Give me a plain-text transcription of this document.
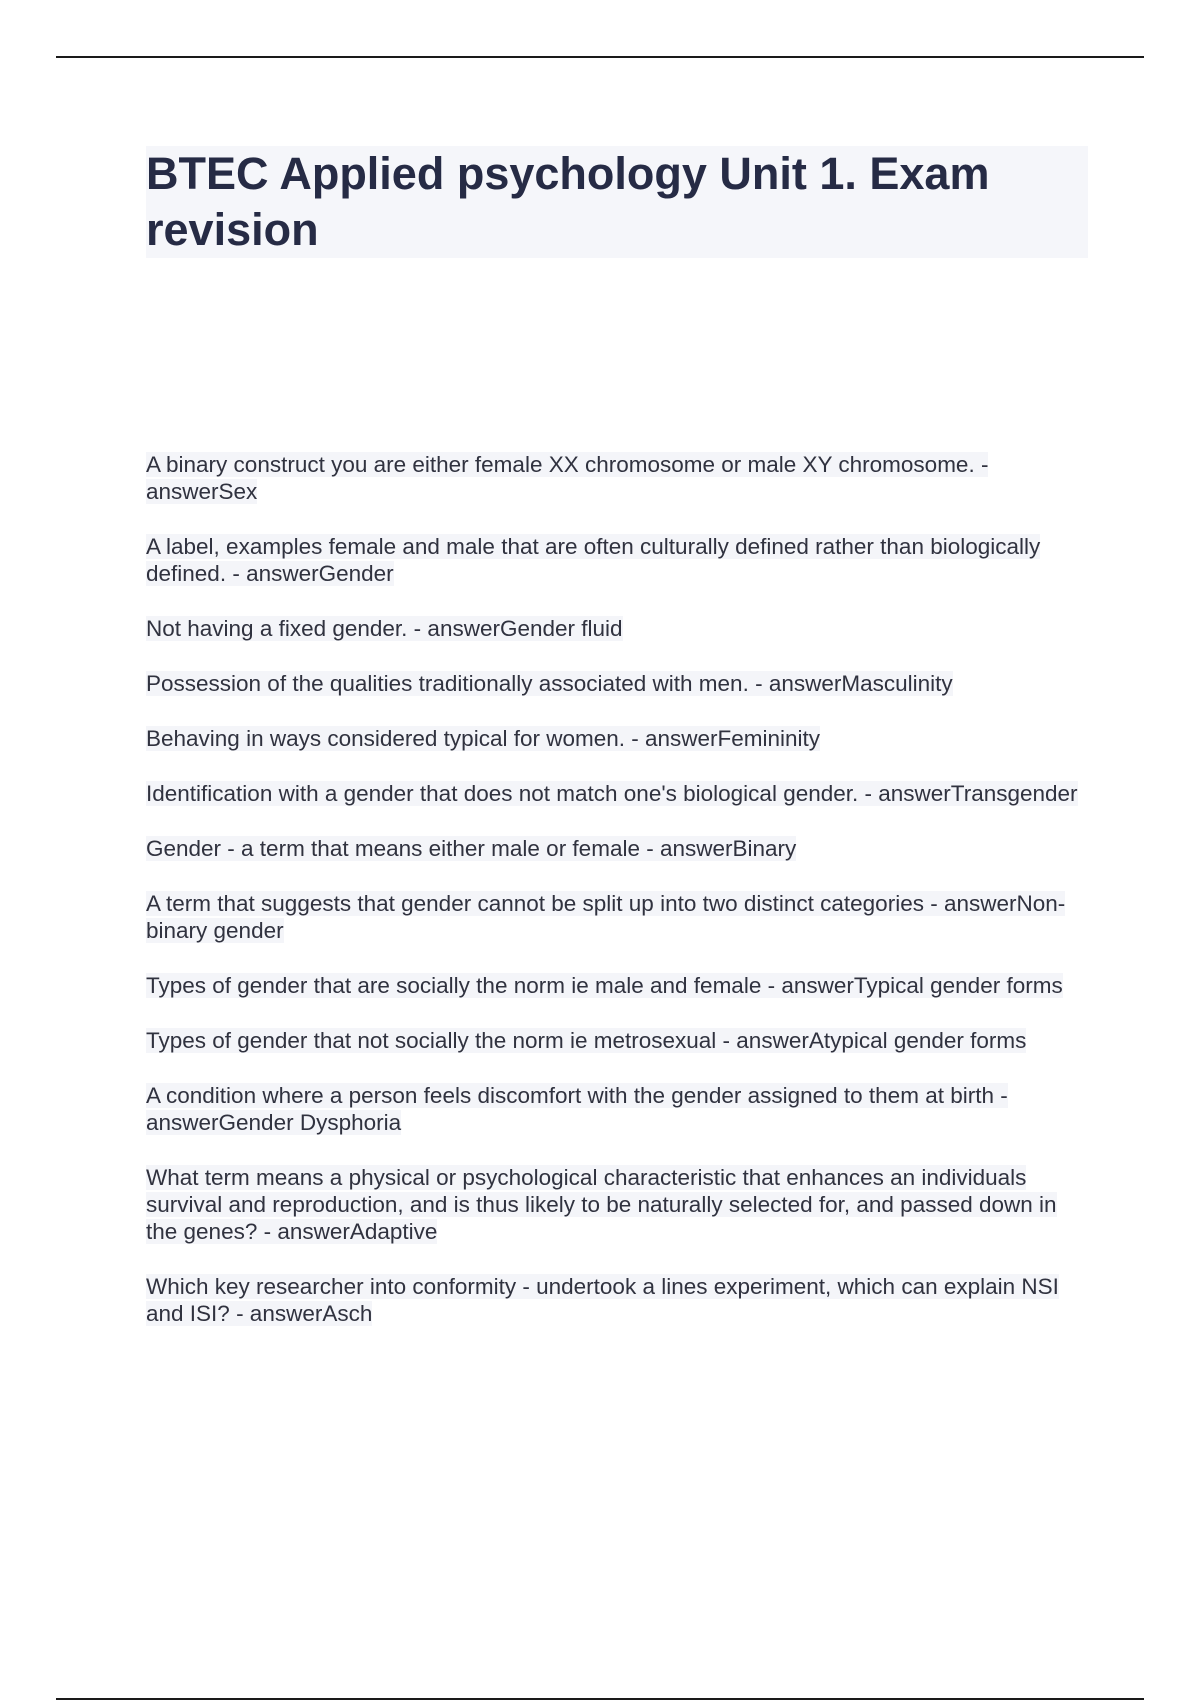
BTEC Applied psychology Unit 1. Exam revision
A binary construct you are either female XX chromosome or male XY chromosome. - answerSex
A label, examples female and male that are often culturally defined rather than biologically defined. - answerGender
Not having a fixed gender. - answerGender fluid
Possession of the qualities traditionally associated with men. - answerMasculinity
Behaving in ways considered typical for women. - answerFemininity
Identification with a gender that does not match one's biological gender. - answerTransgender
Gender - a term that means either male or female - answerBinary
A term that suggests that gender cannot be split up into two distinct categories - answerNon-binary gender
Types of gender that are socially the norm ie male and female - answerTypical gender forms
Types of gender that not socially the norm ie metrosexual - answerAtypical gender forms
A condition where a person feels discomfort with the gender assigned to them at birth - answerGender Dysphoria
What term means a physical or psychological characteristic that enhances an individuals survival and reproduction, and is thus likely to be naturally selected for, and passed down in the genes? - answerAdaptive
Which key researcher into conformity - undertook a lines experiment, which can explain NSI and ISI? - answerAsch
